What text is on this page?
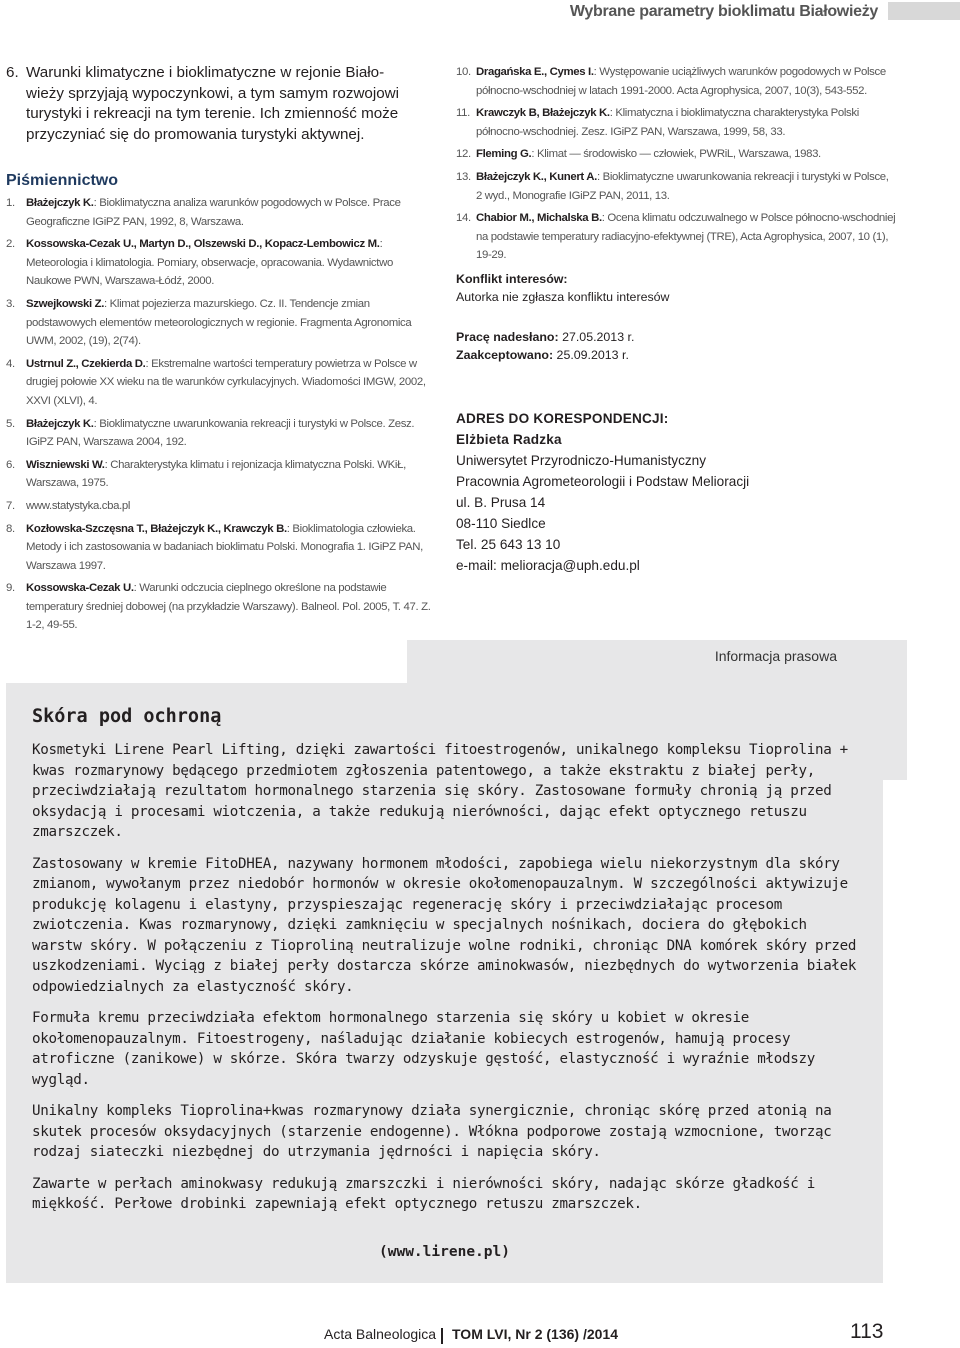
Wybrane parametry bioklimatu Białowieży
6. Warunki klimatyczne i bioklimatyczne w rejonie Biało-
wieży sprzyjają wypoczynkowi, a tym samym rozwojowi
turystyki i rekreacji na tym terenie. Ich zmienność może
przyczyniać się do promowania turystyki aktywnej.
Piśmiennictwo
1. Błażejczyk K.: Bioklimatyczna analiza warunków pogodowych w Polsce. Prace Geograficzne IGiPZ PAN, 1992, 8, Warszawa.
2. Kossowska-Cezak U., Martyn D., Olszewski D., Kopacz-Lembowicz M.: Meteorologia i klimatologia. Pomiary, obserwacje, opracowania. Wydawnictwo Naukowe PWN, Warszawa-Łódź, 2000.
3. Szwejkowski Z.: Klimat pojezierza mazurskiego. Cz. II. Tendencje zmian podstawowych elementów meteorologicznych w regionie. Fragmenta Agronomica UWM, 2002, (19), 2(74).
4. Ustrnul Z., Czekierda D.: Ekstremalne wartości temperatury powietrza w Polsce w drugiej połowie XX wieku na tle warunków cyrkulacyjnych. Wiadomości IMGW, 2002, XXVI (XLVI), 4.
5. Błażejczyk K.: Bioklimatyczne uwarunkowania rekreacji i turystyki w Polsce. Zesz. IGiPZ PAN, Warszawa 2004, 192.
6. Wiszniewski W.: Charakterystyka klimatu i rejonizacja klimatyczna Polski. WKiŁ, Warszawa, 1975.
7. www.statystyka.cba.pl
8. Kozłowska-Szczęsna T., Błażejczyk K., Krawczyk B.: Bioklimatologia człowieka. Metody i ich zastosowania w badaniach bioklimatu Polski. Monografia 1. IGiPZ PAN, Warszawa 1997.
9. Kossowska-Cezak U.: Warunki odczucia cieplnego określone na podstawie temperatury średniej dobowej (na przykładzie Warszawy). Balneol. Pol. 2005, T. 47. Z. 1-2, 49-55.
10. Dragańska E., Cymes I.: Występowanie uciążliwych warunków pogodowych w Polsce północno-wschodniej w latach 1991-2000. Acta Agrophysica, 2007, 10(3), 543-552.
11. Krawczyk B, Błażejczyk K.: Klimatyczna i bioklimatyczna charakterystyka Polski północno-wschodniej. Zesz. IGiPZ PAN, Warszawa, 1999, 58, 33.
12. Fleming G.: Klimat — środowisko — człowiek, PWRiL, Warszawa, 1983.
13. Błażejczyk K., Kunert A.: Bioklimatyczne uwarunkowania rekreacji i turystyki w Polsce, 2 wyd., Monografie IGiPZ PAN, 2011, 13.
14. Chabior M., Michalska B.: Ocena klimatu odczuwalnego w Polsce północno-wschodniej na podstawie temperatury radiacyjno-efektywnej (TRE), Acta Agrophysica, 2007, 10 (1), 19-29.
Konflikt interesów:
Autorka nie zgłasza konfliktu interesów
Pracę nadesłano: 27.05.2013 r.
Zaakceptowano: 25.09.2013 r.
ADRES DO KORESPONDENCJI:
Elżbieta Radzka
Uniwersytet Przyrodniczo-Humanistyczny
Pracownia Agrometeorologii i Podstaw Melioracji
ul. B. Prusa 14
08-110 Siedlce
Tel. 25 643 13 10
e-mail: melioracja@uph.edu.pl
Informacja prasowa
Skóra pod ochroną

Kosmetyki Lirene Pearl Lifting, dzięki zawartości fitoestrogenów, unikalnego kompleksu Tioprolina + kwas rozmarynowy będącego przedmiotem zgłoszenia patentowego, a także ekstraktu z białej perły, przeciwdziałają rezultatom hormonalnego starzenia się skóry. Zastosowane formuły chronią ją przed oksydacją i procesami wiotczenia, a także redukują nierówności, dając efekt optycznego retuszu zmarszczek.

Zastosowany w kremie FitoDHEA, nazywany hormonem młodości, zapobiega wielu niekorzystnym dla skóry zmianom, wywołanym przez niedobór hormonów w okresie okołomenopauzalnym. W szczególności aktywizuje produkcję kolagenu i elastyny, przyspieszając regenerację skóry i przeciwdziałając procesom zwiotczenia. Kwas rozmarynowy, dzięki zamknięciu w specjalnych nośnikach, dociera do głębokich warstw skóry. W połączeniu z Tioproliną neutralizuje wolne rodniki, chroniąc DNA komórek skóry przed uszkodzeniami. Wyciąg z białej perły dostarcza skórze aminokwasów, niezbędnych do wytworzenia białek odpowiedzialnych za elastyczność skóry.

Formuła kremu przeciwdziała efektom hormonalnego starzenia się skóry u kobiet w okresie okołomenopauzalnym. Fitoestrogeny, naśladując działanie kobiecych estrogenów, hamują procesy atroficzne (zanikowe) w skórze. Skóra twarzy odzyskuje gęstość, elastyczność i wyraźnie młodszy wygląd.

Unikalny kompleks Tioprolina+kwas rozmarynowy działa synergicznie, chroniąc skórę przed atonią na skutek procesów oksydacyjnych (starzenie endogenne). Włókna podporowe zostają wzmocnione, tworząc rodzaj siateczki niezbędnej do utrzymania jędrności i napięcia skóry.

Zawarte w perłach aminokwasy redukują zmarszczki i nierówności skóry, nadając skórze gładkość i miękkość. Perłowe drobinki zapewniają efekt optycznego retuszu zmarszczek.

(www.lirene.pl)
Acta Balneologica TOM LVI, Nr 2 (136) /2014	113
